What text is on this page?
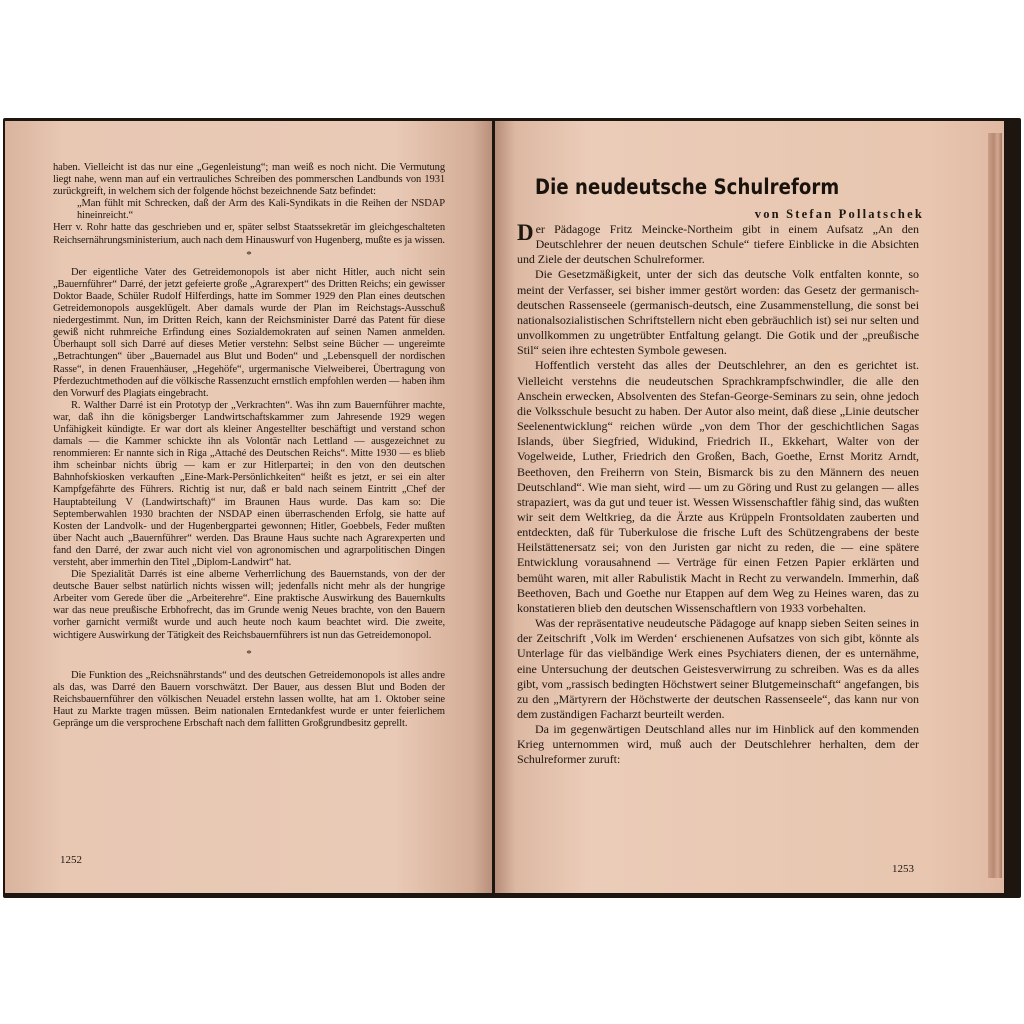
haben. Vielleicht ist das nur eine „Gegenleistung“; man weiß es noch nicht. Die Vermutung liegt nahe, wenn man auf ein vertrauliches Schreiben des pommerschen Landbunds von 1931 zurückgreift, in welchem sich der folgende höchst bezeichnende Satz befindet:

„Man fühlt mit Schrecken, daß der Arm des Kali-Syndikats in die Reihen der NSDAP hineinreicht.“

Herr v. Rohr hatte das geschrieben und er, später selbst Staatssekretär im gleichgeschalteten Reichsernährungsministerium, auch nach dem Hinauswurf von Hugenberg, mußte es ja wissen.

*

Der eigentliche Vater des Getreidemonopols ist aber nicht Hitler, auch nicht sein „Bauernführer“ Darré, der jetzt gefeierte große „Agrarexpert“ des Dritten Reichs; ein gewisser Doktor Baade, Schüler Rudolf Hilferdings, hatte im Sommer 1929 den Plan eines deutschen Getreidemonopols ausgeklügelt. Aber damals wurde der Plan im Reichstags-Ausschuß niedergestimmt. Nun, im Dritten Reich, kann der Reichsminister Darré das Patent für diese gewiß nicht ruhmreiche Erfindung eines Sozialdemokraten auf seinen Namen anmelden. Überhaupt soll sich Darré auf dieses Metier verstehn: Selbst seine Bücher — ungereimte „Betrachtungen“ über „Bauernadel aus Blut und Boden“ und „Lebensquell der nordischen Rasse“, in denen Frauenhäuser, „Hegehöfe“, urgermanische Vielweiberei, Übertragung von Pferdezuchtmethoden auf die völkische Rassenzucht ernstlich empfohlen werden — haben ihm den Vorwurf des Plagiats eingebracht.

R. Walther Darré ist ein Prototyp der „Verkrachten“. Was ihn zum Bauernführer machte, war, daß ihn die königsberger Landwirtschaftskammer zum Jahresende 1929 wegen Unfähigkeit kündigte. Er war dort als kleiner Angestellter beschäftigt und verstand schon damals — die Kammer schickte ihn als Volontär nach Lettland — ausgezeichnet zu renommieren: Er nannte sich in Riga „Attaché des Deutschen Reichs“. Mitte 1930 — es blieb ihm scheinbar nichts übrig — kam er zur Hitlerpartei; in den von den deutschen Bahnhofskiosken verkauften „Eine-Mark-Persönlichkeiten“ heißt es jetzt, er sei ein alter Kampfgefährte des Führers. Richtig ist nur, daß er bald nach seinem Eintritt „Chef der Hauptabteilung V (Landwirtschaft)“ im Braunen Haus wurde. Das kam so: Die Septemberwahlen 1930 brachten der NSDAP einen überraschenden Erfolg, sie hatte auf Kosten der Landvolk- und der Hugenbergpartei gewonnen; Hitler, Goebbels, Feder mußten über Nacht auch „Bauernführer“ werden. Das Braune Haus suchte nach Agrarexperten und fand den Darré, der zwar auch nicht viel von agronomischen und agrarpolitischen Dingen versteht, aber immerhin den Titel „Diplom-Landwirt“ hat.

Die Spezialität Darrés ist eine alberne Verherrlichung des Bauernstands, von der der deutsche Bauer selbst natürlich nichts wissen will; jedenfalls nicht mehr als der hungrige Arbeiter vom Gerede über die „Arbeiterehre“. Eine praktische Auswirkung des Bauernkults war das neue preußische Erbhofrecht, das im Grunde wenig Neues brachte, von den Bauern vorher garnicht vermißt wurde und auch heute noch kaum beachtet wird. Die zweite, wichtigere Auswirkung der Tätigkeit des Reichsbauernführers ist nun das Getreidemonopol.

*

Die Funktion des „Reichsnährstands“ und des deutschen Getreidemonopols ist alles andre als das, was Darré den Bauern vorschwätzt. Der Bauer, aus dessen Blut und Boden der Reichsbauernführer den völkischen Neuadel erstehn lassen wollte, hat am 1. Oktober seine Haut zu Markte tragen müssen. Beim nationalen Erntedankfest wurde er unter feierlichem Gepränge um die versprochene Erbschaft nach dem fallitten Großgrundbesitz geprellt.

1252
Die neudeutsche Schulreform
von Stefan Pollatschek

Der Pädagoge Fritz Meincke-Northeim gibt in einem Aufsatz „An den Deutschlehrer der neuen deutschen Schule“ tiefere Einblicke in die Absichten und Ziele der deutschen Schulreformer.

Die Gesetzmäßigkeit, unter der sich das deutsche Volk entfalten konnte, so meint der Verfasser, sei bisher immer gestört worden: das Gesetz der germanisch-deutschen Rassenseele (germanisch-deutsch, eine Zusammenstellung, die sonst bei nationalsozialistischen Schriftstellern nicht eben gebräuchlich ist) sei nur selten und unvollkommen zu ungetrübter Entfaltung gelangt. Die Gotik und der „preußische Stil“ seien ihre echtesten Symbole gewesen.

Hoffentlich versteht das alles der Deutschlehrer, an den es gerichtet ist. Vielleicht verstehns die neudeutschen Sprachkrampfschwindler, die alle den Anschein erwecken, Absolventen des Stefan-George-Seminars zu sein, ohne jedoch die Volksschule besucht zu haben. Der Autor also meint, daß diese „Linie deutscher Seelenentwicklung“ reichen würde „von dem Thor der geschichtlichen Sagas Islands, über Siegfried, Widukind, Friedrich II., Ekkehart, Walter von der Vogelweide, Luther, Friedrich den Großen, Bach, Goethe, Ernst Moritz Arndt, Beethoven, den Freiherrn von Stein, Bismarck bis zu den Männern des neuen Deutschland“. Wie man sieht, wird — um zu Göring und Rust zu gelangen — alles strapaziert, was da gut und teuer ist. Wessen Wissenschaftler fähig sind, das wußten wir seit dem Weltkrieg, da die Ärzte aus Krüppeln Frontsoldaten zauberten und entdeckten, daß für Tuberkulose die frische Luft des Schützengrabens der beste Heilstättenersatz sei; von den Juristen gar nicht zu reden, die — eine spätere Entwicklung vorausahnend — Verträge für einen Fetzen Papier erklärten und bemüht waren, mit aller Rabulistik Macht in Recht zu verwandeln. Immerhin, daß Beethoven, Bach und Goethe nur Etappen auf dem Weg zu Heines waren, das zu konstatieren blieb den deutschen Wissenschaftlern von 1933 vorbehalten.

Was der repräsentative neudeutsche Pädagoge auf knapp sieben Seiten seines in der Zeitschrift ‚Volk im Werden‘ erschienenen Aufsatzes von sich gibt, könnte als Unterlage für das vielbändige Werk eines Psychiaters dienen, der es unternähme, eine Untersuchung der deutschen Geistesverwirrung zu schreiben. Was es da alles gibt, vom „rassisch bedingten Höchstwert seiner Blutgemeinschaft“ angefangen, bis zu den „Märtyrern der Höchstwerte der deutschen Rassenseele“, das kann nur von dem zuständigen Facharzt beurteilt werden.

Da im gegenwärtigen Deutschland alles nur im Hinblick auf den kommenden Krieg unternommen wird, muß auch der Deutschlehrer herhalten, dem der Schulreformer zuruft:

1253
